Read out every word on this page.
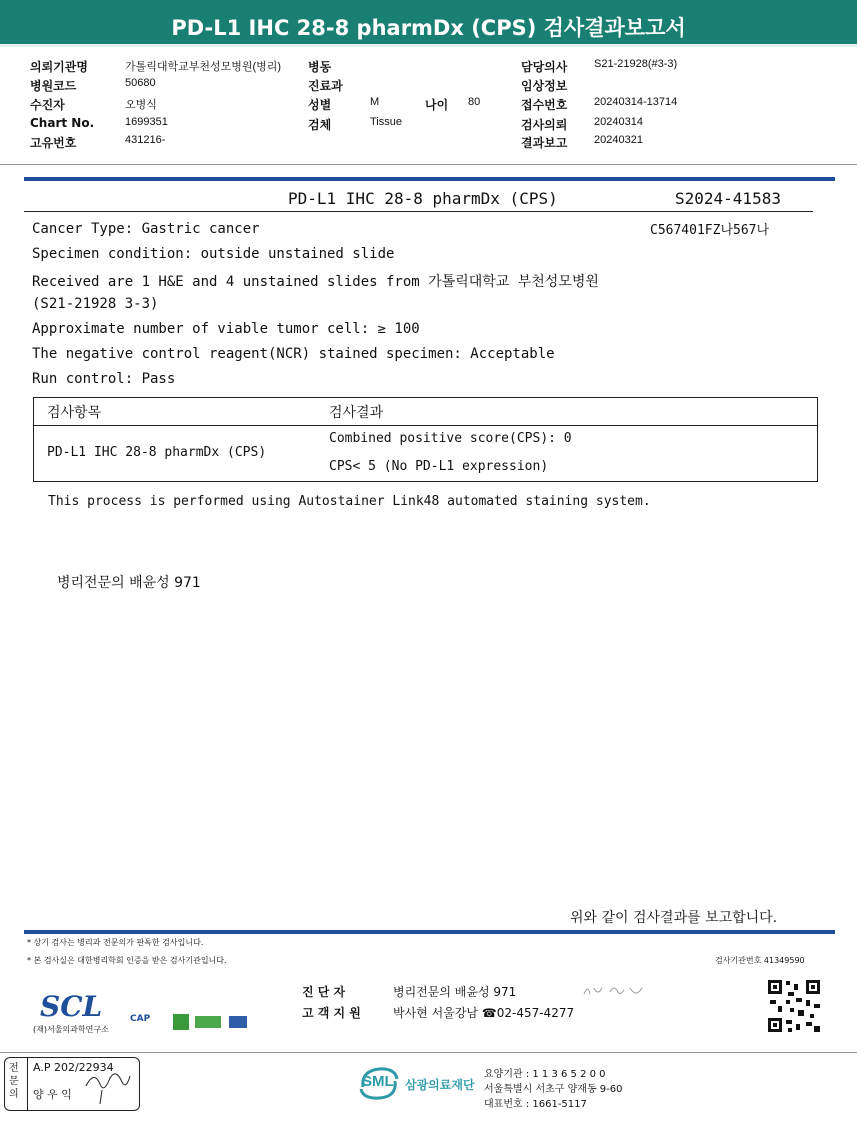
PD-L1 IHC 28-8 pharmDx (CPS) 검사결과보고서
의뢰기관명	가톨릭대학교부천성모병원(병리)
병원코드	50680
수진자	오병식
Chart No.	1699351
고유번호	431216-
병동
진료과
성별	M	나이 80
검체	Tissue
담당의사 S21-21928(#3-3)
임상정보
접수번호 20240314-13714
검사의뢰 20240314
결과보고 20240321
PD-L1 IHC 28-8 pharmDx (CPS)	S2024-41583
C567401FZ나567나
Cancer Type: Gastric cancer
Specimen condition: outside unstained slide
Received are 1 H&E and 4 unstained slides from 가톨릭대학교 부천성모병원
(S21-21928 3-3)
Approximate number of viable tumor cell: ≥ 100
The negative control reagent(NCR) stained specimen: Acceptable
Run control: Pass
검사항목	검사결과
PD-L1 IHC 28-8 pharmDx (CPS)
Combined positive score(CPS): 0
CPS< 5 (No PD-L1 expression)
This process is performed using Autostainer Link48 automated staining system.
병리전문의 배윤성 971
위와 같이 검사결과를 보고합니다.
* 상기 검사는 병리과 전문의가 판독한 검사입니다.
* 본 검사실은 대한병리학회 인증을 받은 검사기관입니다.	검사기관번호 41349590
SCL
(재)서울의과학연구소
CAP
진 단 자	병리전문의 배윤성 971
고 객 지 원	박사현 서울강남 ☎02-457-4277
전문의
A.P 202/22934
양 우 익
SML 삼광의료재단
요양기관 : 1 1 3 6 5 2 0 0
서울특별시 서초구 양재동 9-60
대표번호 : 1661-5117
